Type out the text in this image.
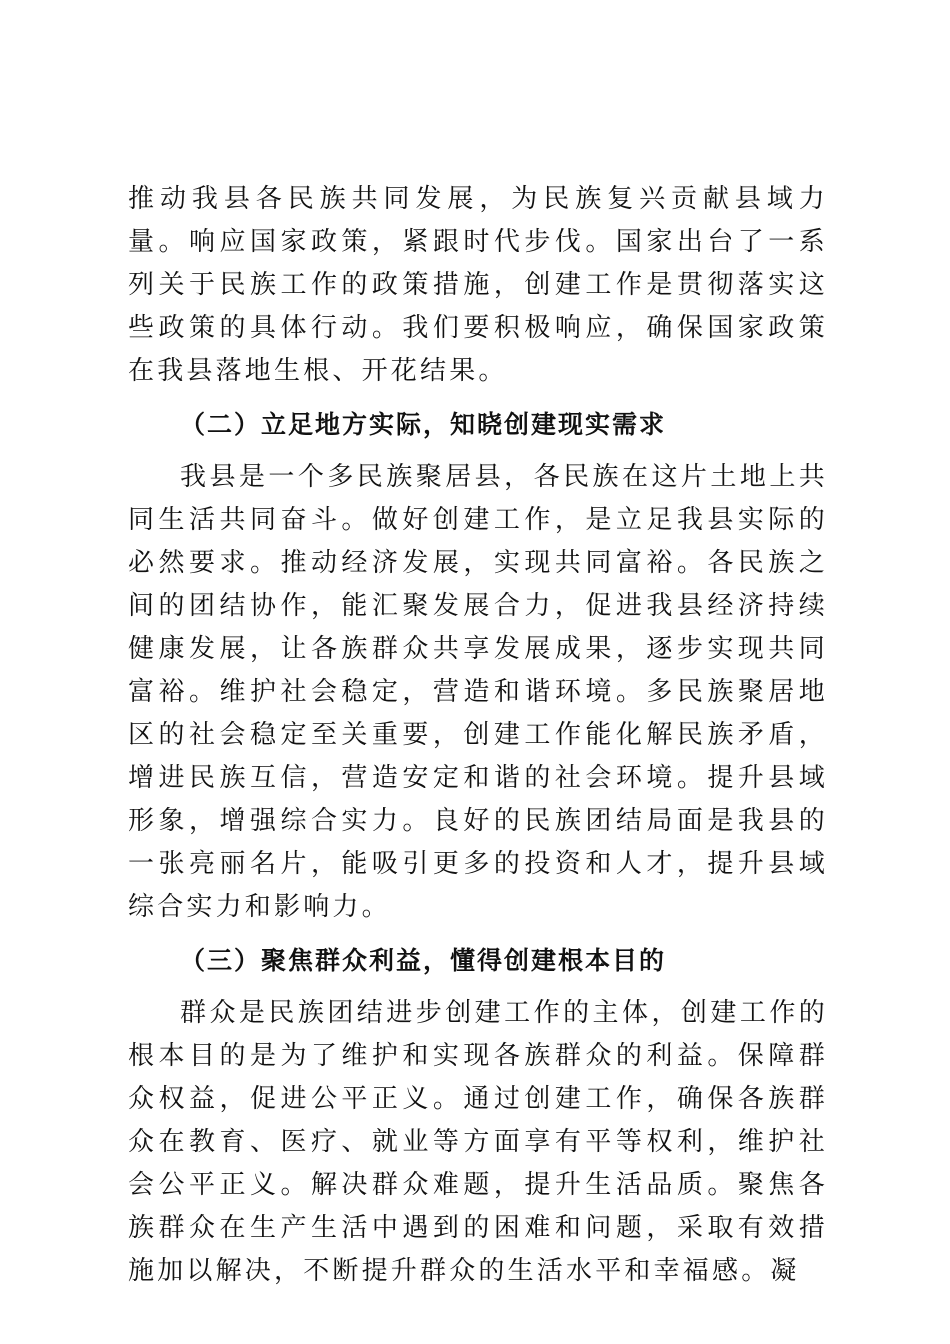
推动我县各民族共同发展，为民族复兴贡献县域力量。响应国家政策，紧跟时代步伐。国家出台了一系列关于民族工作的政策措施，创建工作是贯彻落实这些政策的具体行动。我们要积极响应，确保国家政策在我县落地生根、开花结果。

（二）立足地方实际，知晓创建现实需求

我县是一个多民族聚居县，各民族在这片土地上共同生活共同奋斗。做好创建工作，是立足我县实际的必然要求。推动经济发展，实现共同富裕。各民族之间的团结协作，能汇聚发展合力，促进我县经济持续健康发展，让各族群众共享发展成果，逐步实现共同富裕。维护社会稳定，营造和谐环境。多民族聚居地区的社会稳定至关重要，创建工作能化解民族矛盾，增进民族互信，营造安定和谐的社会环境。提升县域形象，增强综合实力。良好的民族团结局面是我县的一张亮丽名片，能吸引更多的投资和人才，提升县域综合实力和影响力。

（三）聚焦群众利益，懂得创建根本目的

群众是民族团结进步创建工作的主体，创建工作的根本目的是为了维护和实现各族群众的利益。保障群众权益，促进公平正义。通过创建工作，确保各族群众在教育、医疗、就业等方面享有平等权利，维护社会公平正义。解决群众难题，提升生活品质。聚焦各族群众在生产生活中遇到的困难和问题，采取有效措施加以解决，不断提升群众的生活水平和幸福感。凝
